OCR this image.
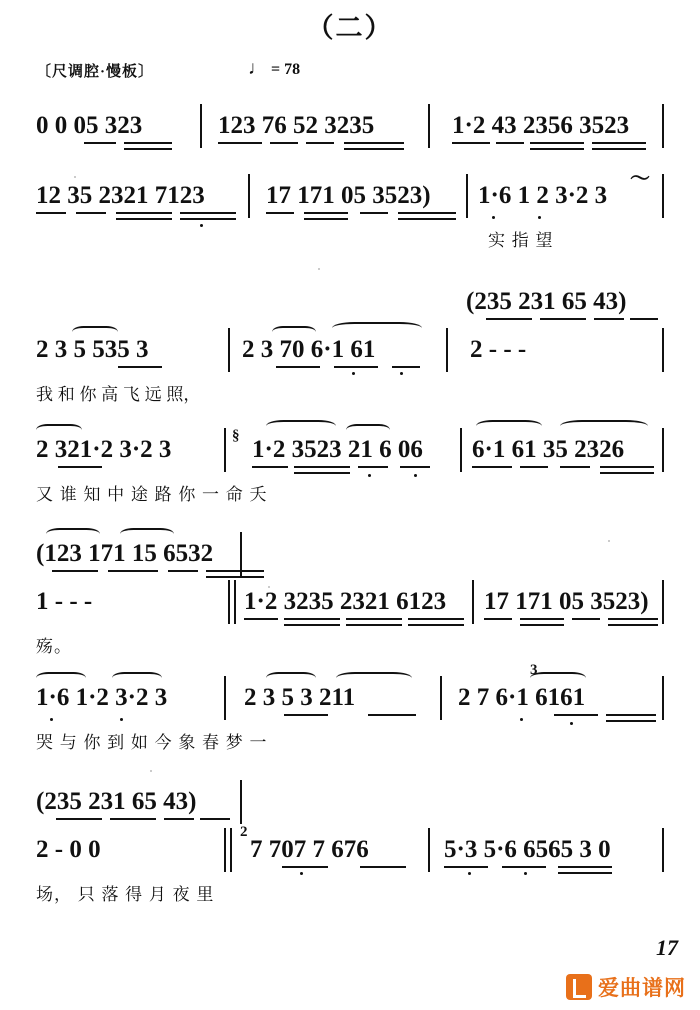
（二）
〔尺调腔·慢板〕	♩ = 78
0 0 05 323	123 76 52 3235	1·2 43 2356 3523
12 35 2321 7123 17 171 05 3523) 1·6 1 2 3·2 3
〜
实 指 望
(235 231 65 43)
2 3 5 535 3	2 3 70 6·1 61	2 - - -
我 和 你 高 飞 远 照，
2 321·2 3·2 3	§ 1·2 3523 21 6 06 6·1 61 35 2326
又 谁 知 中 途 路 你 一 命 夭
(123 171 15 6532
1 - - -	1·2 3235 2321 6123 17 171 05 3523)
殇。
1·6 1·2 3·2 3	2 3 5 3 211
3
2 7 6·1 6161
哭 与 你 到 如 今 象 春 梦 一
(235 231 65 43)
2 - 0 0
2
7 707 7 676	5·3 5·6 6565 3 0
场， 只 落 得 月 夜 里
17
爱曲谱网
